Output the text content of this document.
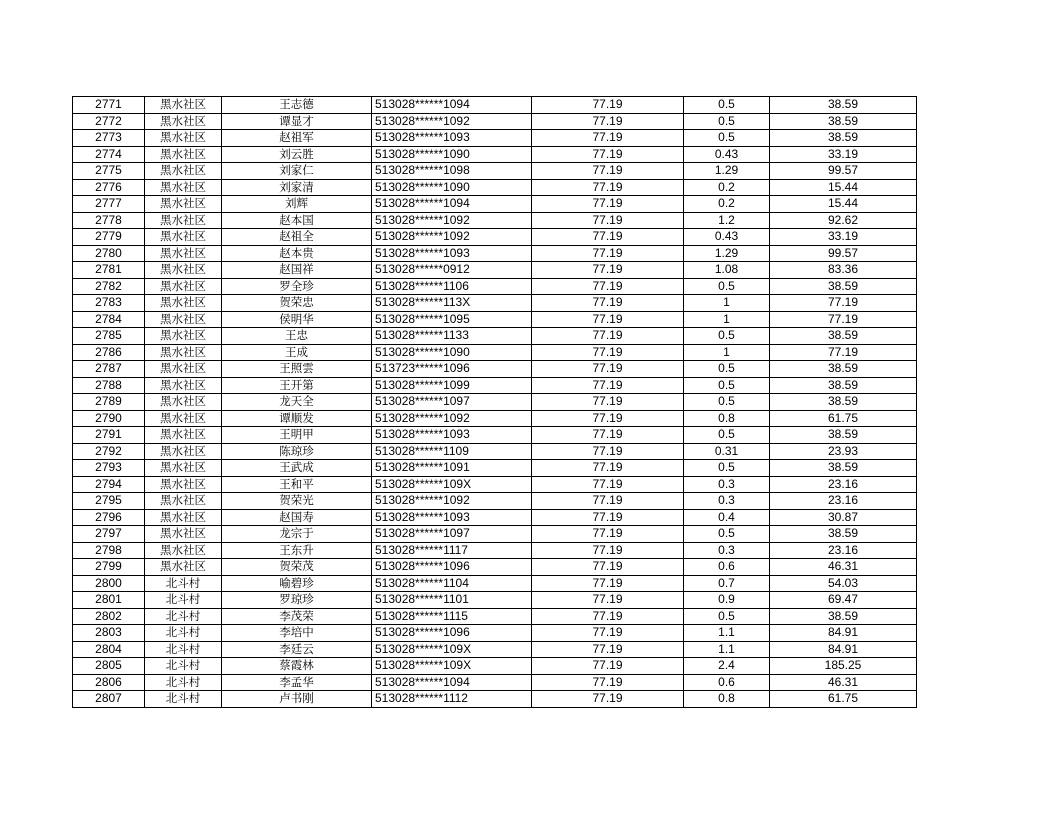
2771	黑水社区	王志德	513028******1094	77.19	0.5	38.59
2772	黑水社区	谭显才	513028******1092	77.19	0.5	38.59
2773	黑水社区	赵祖军	513028******1093	77.19	0.5	38.59
2774	黑水社区	刘云胜	513028******1090	77.19	0.43	33.19
2775	黑水社区	刘家仁	513028******1098	77.19	1.29	99.57
2776	黑水社区	刘家清	513028******1090	77.19	0.2	15.44
2777	黑水社区	刘辉	513028******1094	77.19	0.2	15.44
2778	黑水社区	赵本国	513028******1092	77.19	1.2	92.62
2779	黑水社区	赵祖全	513028******1092	77.19	0.43	33.19
2780	黑水社区	赵本贵	513028******1093	77.19	1.29	99.57
2781	黑水社区	赵国祥	513028******0912	77.19	1.08	83.36
2782	黑水社区	罗全珍	513028******1106	77.19	0.5	38.59
2783	黑水社区	贺荣忠	513028******113X	77.19	1	77.19
2784	黑水社区	侯明华	513028******1095	77.19	1	77.19
2785	黑水社区	王忠	513028******1133	77.19	0.5	38.59
2786	黑水社区	王成	513028******1090	77.19	1	77.19
2787	黑水社区	王照雲	513723******1096	77.19	0.5	38.59
2788	黑水社区	王开第	513028******1099	77.19	0.5	38.59
2789	黑水社区	龙天全	513028******1097	77.19	0.5	38.59
2790	黑水社区	谭顺发	513028******1092	77.19	0.8	61.75
2791	黑水社区	王明甲	513028******1093	77.19	0.5	38.59
2792	黑水社区	陈琼珍	513028******1109	77.19	0.31	23.93
2793	黑水社区	王武成	513028******1091	77.19	0.5	38.59
2794	黑水社区	王和平	513028******109X	77.19	0.3	23.16
2795	黑水社区	贺荣光	513028******1092	77.19	0.3	23.16
2796	黑水社区	赵国寿	513028******1093	77.19	0.4	30.87
2797	黑水社区	龙宗于	513028******1097	77.19	0.5	38.59
2798	黑水社区	王东升	513028******1117	77.19	0.3	23.16
2799	黑水社区	贺荣茂	513028******1096	77.19	0.6	46.31
2800	北斗村	喻碧珍	513028******1104	77.19	0.7	54.03
2801	北斗村	罗琼珍	513028******1101	77.19	0.9	69.47
2802	北斗村	李茂荣	513028******1115	77.19	0.5	38.59
2803	北斗村	李培中	513028******1096	77.19	1.1	84.91
2804	北斗村	李廷云	513028******109X	77.19	1.1	84.91
2805	北斗村	蔡霞林	513028******109X	77.19	2.4	185.25
2806	北斗村	李孟华	513028******1094	77.19	0.6	46.31
2807	北斗村	卢书刚	513028******1112	77.19	0.8	61.75
